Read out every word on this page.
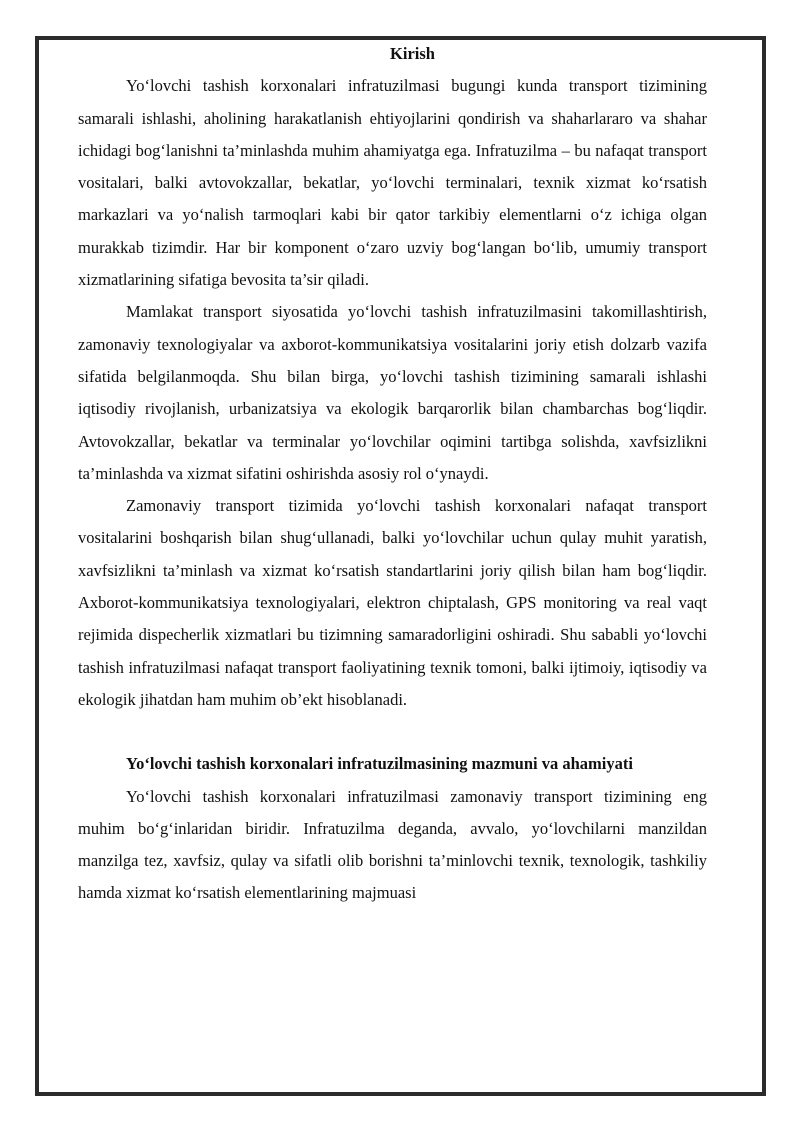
Kirish

Yo‘lovchi tashish korxonalari infratuzilmasi bugungi kunda transport tizimining samarali ishlashi, aholining harakatlanish ehtiyojlarini qondirish va shaharlararo va shahar ichidagi bog‘lanishni ta’minlashda muhim ahamiyatga ega. Infratuzilma – bu nafaqat transport vositalari, balki avtovokzallar, bekatlar, yo‘lovchi terminalari, texnik xizmat ko‘rsatish markazlari va yo‘nalish tarmoqlari kabi bir qator tarkibiy elementlarni o‘z ichiga olgan murakkab tizimdir. Har bir komponent o‘zaro uzviy bog‘langan bo‘lib, umumiy transport xizmatlarining sifatiga bevosita ta’sir qiladi.

Mamlakat transport siyosatida yo‘lovchi tashish infratuzilmasini takomillashtirish, zamonaviy texnologiyalar va axborot-kommunikatsiya vositalarini joriy etish dolzarb vazifa sifatida belgilanmoqda. Shu bilan birga, yo‘lovchi tashish tizimining samarali ishlashi iqtisodiy rivojlanish, urbanizatsiya va ekologik barqarorlik bilan chambarchas bog‘liqdir. Avtovokzallar, bekatlar va terminalar yo‘lovchilar oqimini tartibga solishda, xavfsizlikni ta’minlashda va xizmat sifatini oshirishda asosiy rol o‘ynaydi.

Zamonaviy transport tizimida yo‘lovchi tashish korxonalari nafaqat transport vositalarini boshqarish bilan shug‘ullanadi, balki yo‘lovchilar uchun qulay muhit yaratish, xavfsizlikni ta’minlash va xizmat ko‘rsatish standartlarini joriy qilish bilan ham bog‘liqdir. Axborot-kommunikatsiya texnologiyalari, elektron chiptalash, GPS monitoring va real vaqt rejimida dispecherlik xizmatlari bu tizimning samaradorligini oshiradi. Shu sababli yo‘lovchi tashish infratuzilmasi nafaqat transport faoliyatining texnik tomoni, balki ijtimoiy, iqtisodiy va ekologik jihatdan ham muhim ob’ekt hisoblanadi.

Yo‘lovchi tashish korxonalari infratuzilmasining mazmuni va ahamiyati

Yo‘lovchi tashish korxonalari infratuzilmasi zamonaviy transport tizimining eng muhim bo‘g‘inlaridan biridir. Infratuzilma deganda, avvalo, yo‘lovchilarni manzildan manzilga tez, xavfsiz, qulay va sifatli olib borishni ta’minlovchi texnik, texnologik, tashkiliy hamda xizmat ko‘rsatish elementlarining majmuasi
